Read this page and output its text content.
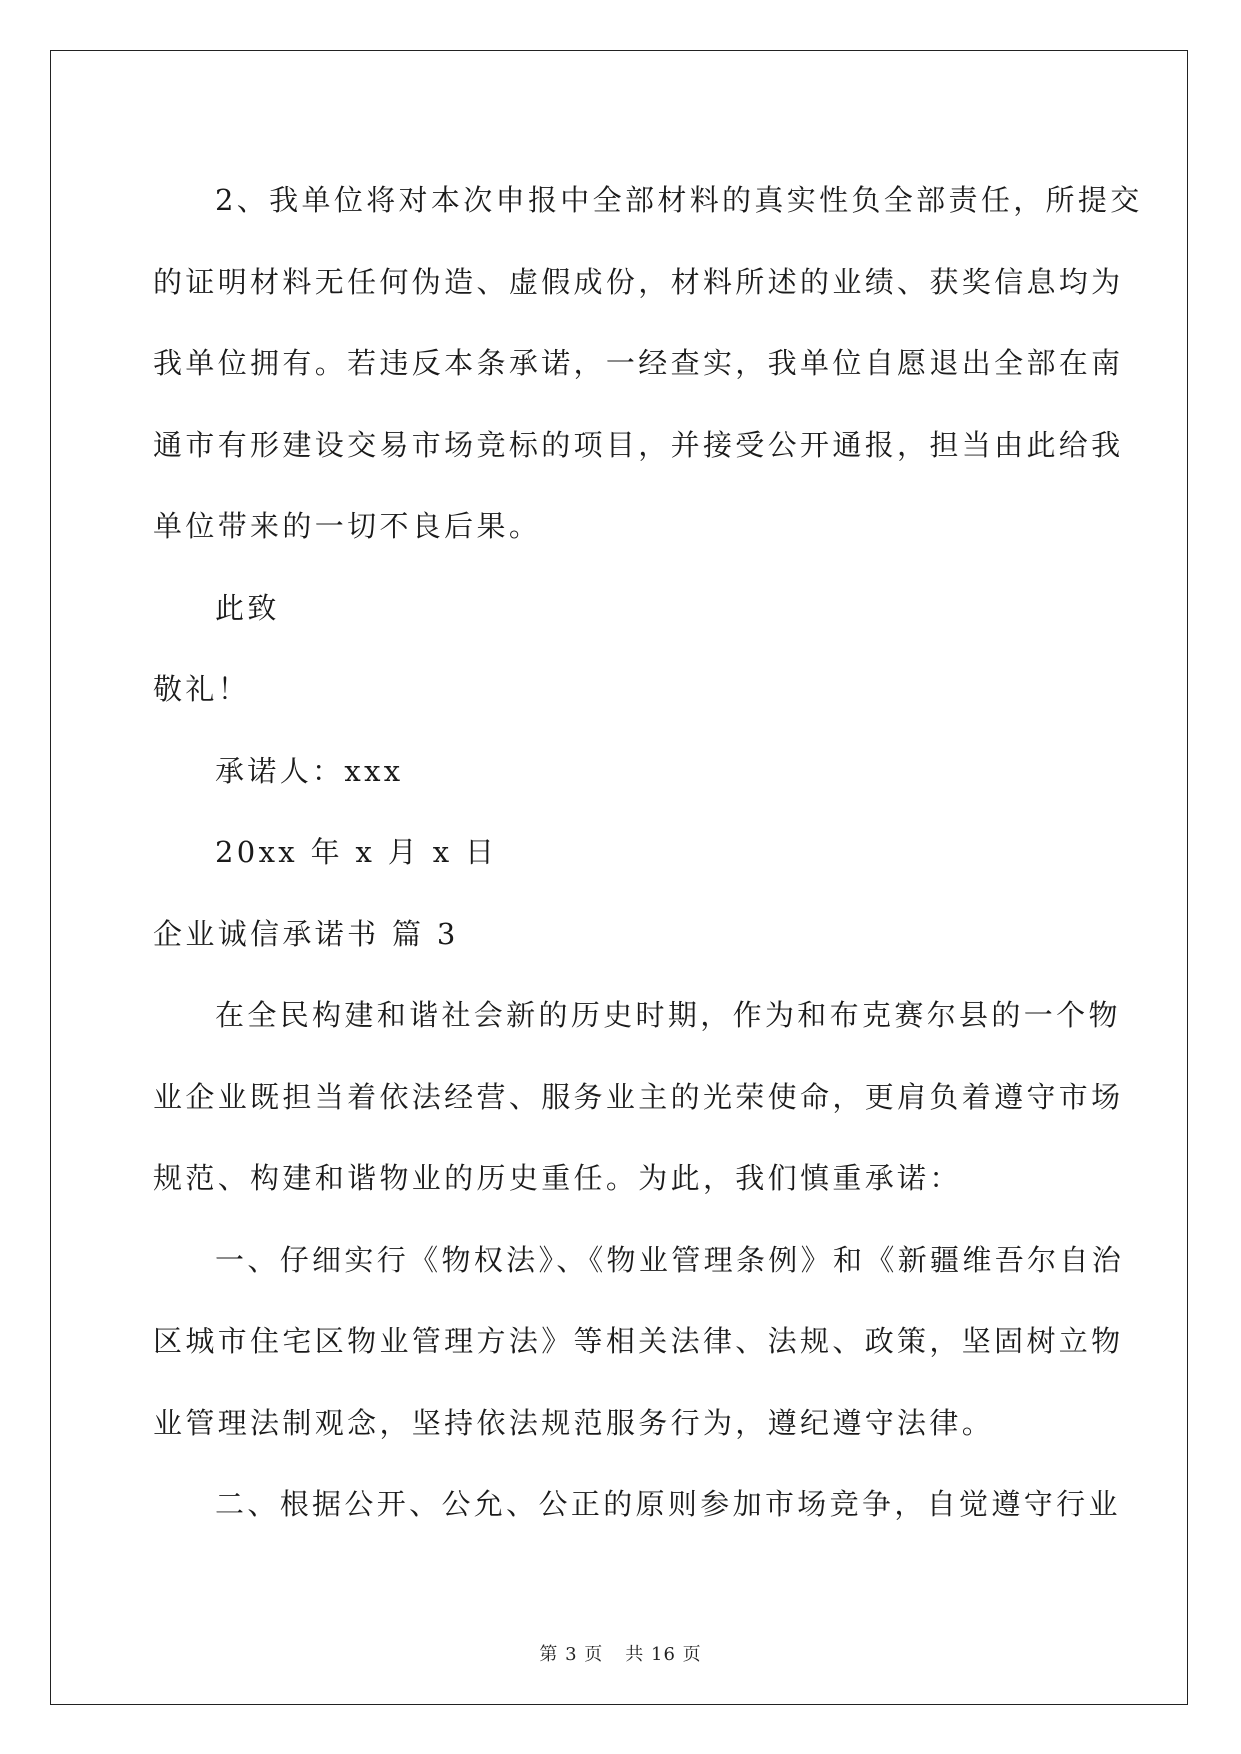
2、我单位将对本次申报中全部材料的真实性负全部责任，所提交

的证明材料无任何伪造、虚假成份，材料所述的业绩、获奖信息均为

我单位拥有。若违反本条承诺，一经查实，我单位自愿退出全部在南

通市有形建设交易市场竞标的项目，并接受公开通报，担当由此给我

单位带来的一切不良后果。

此致

敬礼！

承诺人：xxx

20xx 年 x 月 x 日

企业诚信承诺书 篇 3

在全民构建和谐社会新的历史时期，作为和布克赛尔县的一个物

业企业既担当着依法经营、服务业主的光荣使命，更肩负着遵守市场

规范、构建和谐物业的历史重任。为此，我们慎重承诺：

一、仔细实行《物权法》、《物业管理条例》和《新疆维吾尔自治

区城市住宅区物业管理方法》等相关法律、法规、政策，坚固树立物

业管理法制观念，坚持依法规范服务行为，遵纪遵守法律。

二、根据公开、公允、公正的原则参加市场竞争，自觉遵守行业

第 3 页 共 16 页
